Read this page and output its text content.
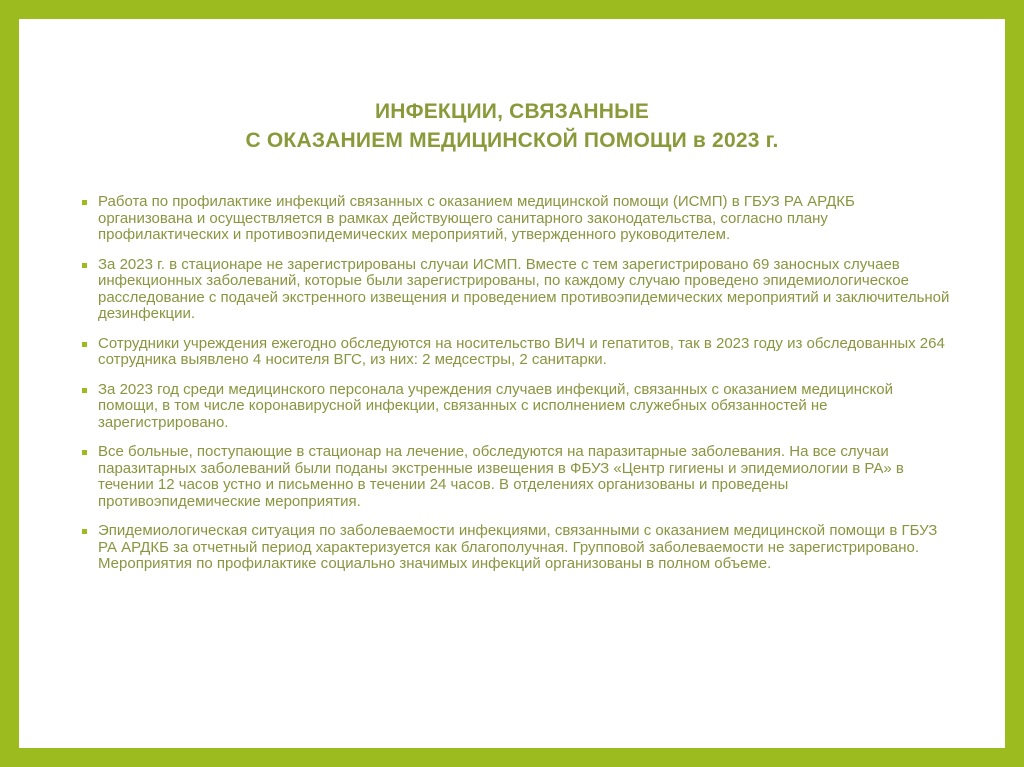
ИНФЕКЦИИ, СВЯЗАННЫЕ
С ОКАЗАНИЕМ МЕДИЦИНСКОЙ ПОМОЩИ в 2023 г.
Работа по профилактике инфекций связанных с оказанием медицинской помощи (ИСМП) в ГБУЗ РА АРДКБ организована и осуществляется в рамках действующего санитарного законодательства, согласно плану профилактических и противоэпидемических мероприятий, утвержденного руководителем.
За 2023 г. в стационаре не зарегистрированы случаи ИСМП. Вместе с тем зарегистрировано 69 заносных случаев инфекционных заболеваний, которые были зарегистрированы, по каждому случаю проведено эпидемиологическое расследование с подачей экстренного извещения и проведением противоэпидемических мероприятий и заключительной дезинфекции.
Сотрудники учреждения ежегодно обследуются на носительство ВИЧ и гепатитов, так в 2023 году из обследованных 264 сотрудника выявлено 4 носителя ВГС, из них: 2 медсестры, 2 санитарки.
За 2023 год среди медицинского персонала учреждения случаев инфекций, связанных с оказанием медицинской помощи, в том числе коронавирусной инфекции, связанных с исполнением служебных обязанностей не зарегистрировано.
Все больные, поступающие в стационар на лечение, обследуются на паразитарные заболевания. На все случаи паразитарных заболеваний были поданы экстренные извещения в ФБУЗ «Центр гигиены и эпидемиологии в РА» в течении 12 часов устно и письменно в течении 24 часов. В отделениях организованы и проведены противоэпидемические мероприятия.
Эпидемиологическая ситуация по заболеваемости инфекциями, связанными с оказанием медицинской помощи в ГБУЗ РА АРДКБ за отчетный период характеризуется как благополучная. Групповой заболеваемости не зарегистрировано. Мероприятия по профилактике социально значимых инфекций организованы в полном объеме.
